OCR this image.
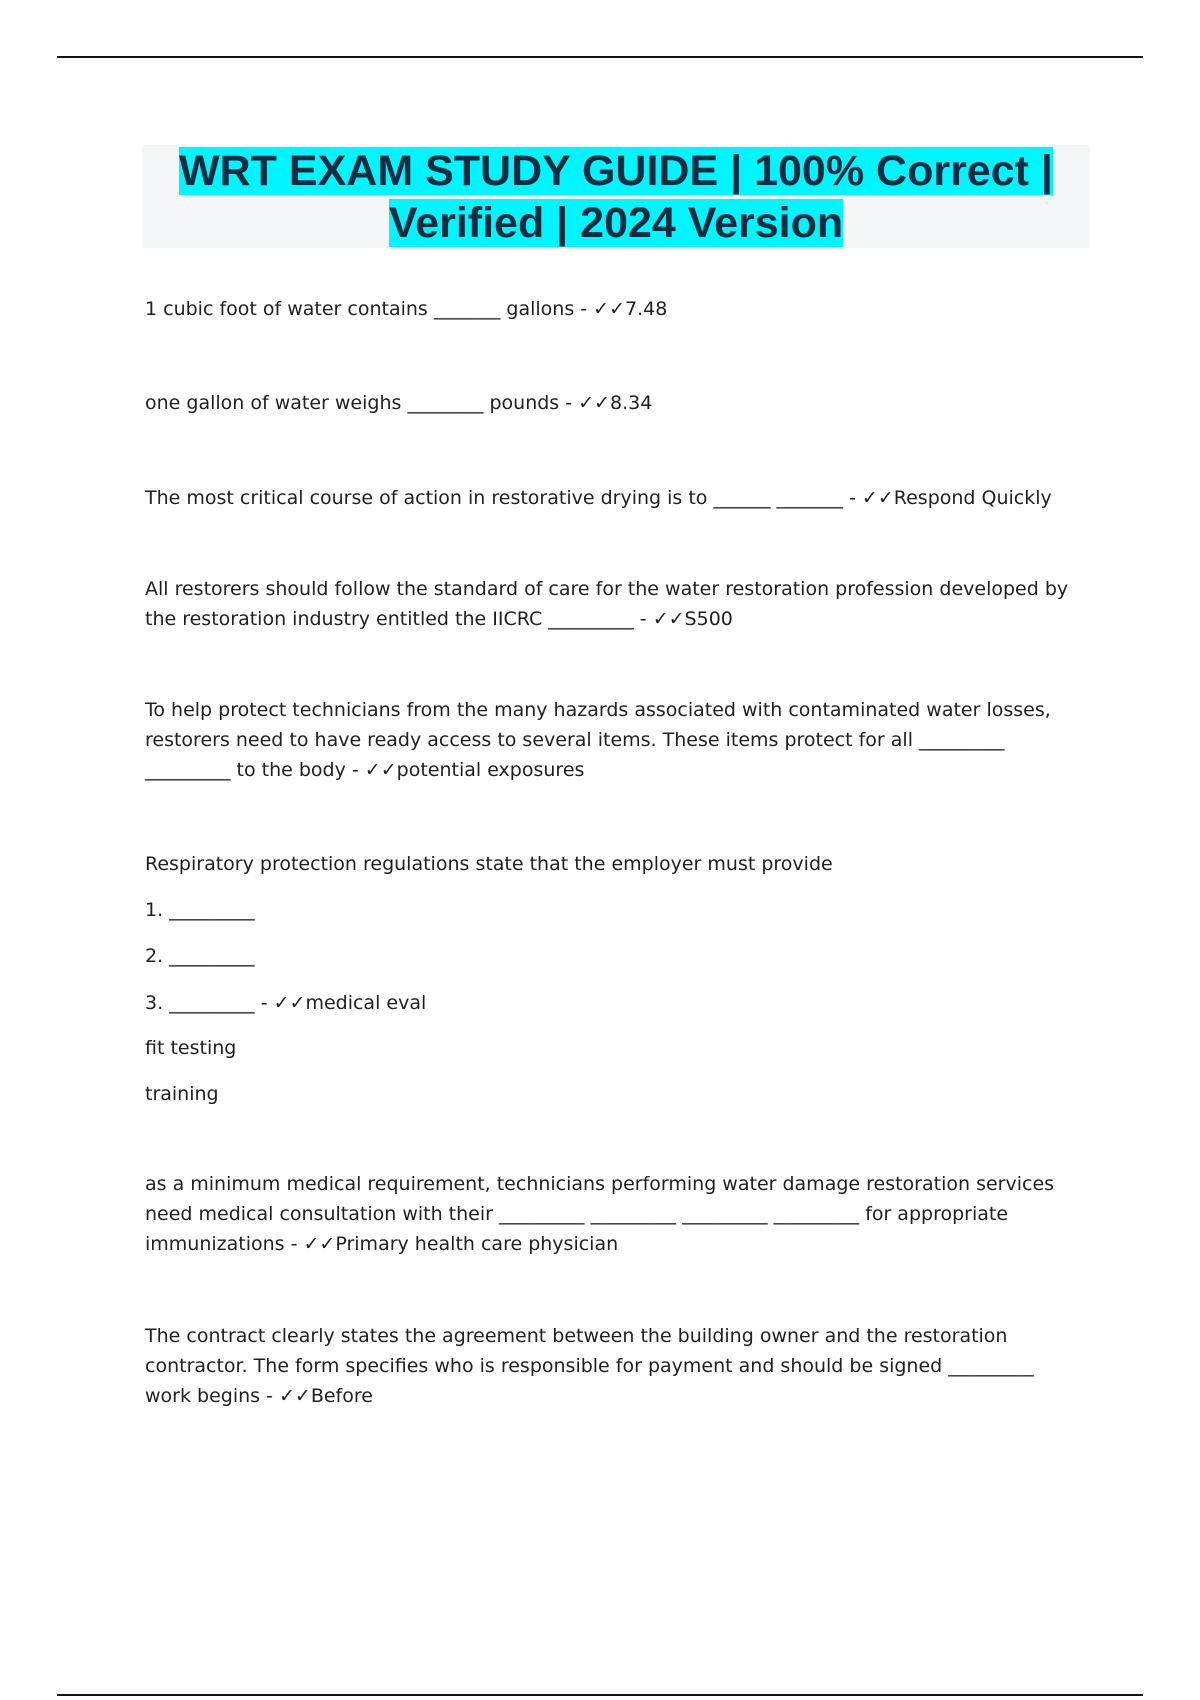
WRT EXAM STUDY GUIDE | 100% Correct | Verified | 2024 Version

1 cubic foot of water contains _______ gallons - ✓✓7.48

one gallon of water weighs ________ pounds - ✓✓8.34

The most critical course of action in restorative drying is to ______ _______ - ✓✓Respond Quickly

All restorers should follow the standard of care for the water restoration profession developed by the restoration industry entitled the IICRC _________ - ✓✓S500

To help protect technicians from the many hazards associated with contaminated water losses, restorers need to have ready access to several items. These items protect for all _________ _________ to the body - ✓✓potential exposures

Respiratory protection regulations state that the employer must provide

1. _________

2. _________

3. _________ - ✓✓medical eval

fit testing

training

as a minimum medical requirement, technicians performing water damage restoration services need medical consultation with their _________ _________ _________ _________ for appropriate immunizations - ✓✓Primary health care physician

The contract clearly states the agreement between the building owner and the restoration contractor. The form specifies who is responsible for payment and should be signed _________ work begins - ✓✓Before
